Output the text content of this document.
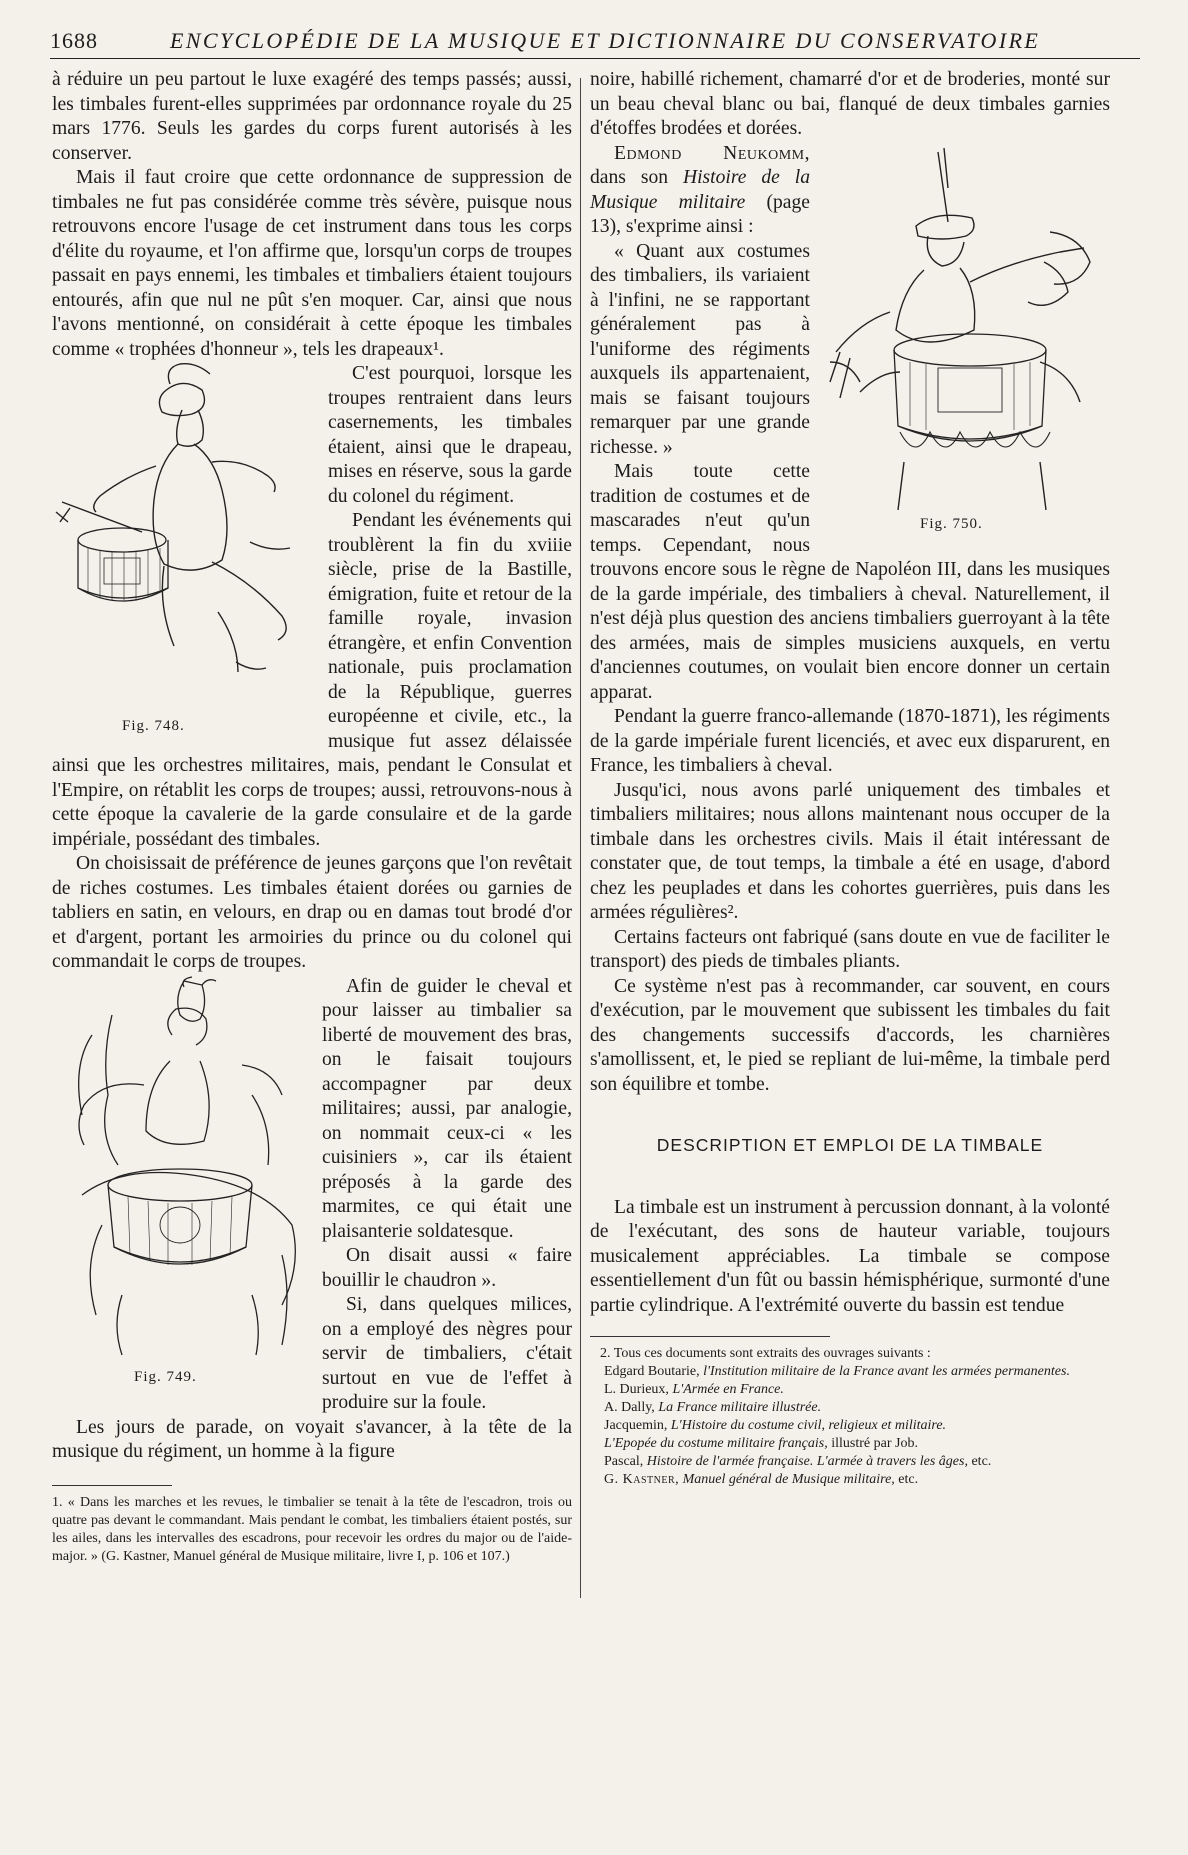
1688	ENCYCLOPÉDIE DE LA MUSIQUE ET DICTIONNAIRE DU CONSERVATOIRE

à réduire un peu partout le luxe exagéré des temps passés; aussi, les timbales furent-elles supprimées par ordonnance royale du 25 mars 1776. Seuls les gardes du corps furent autorisés à les conserver.

Mais il faut croire que cette ordonnance de suppression de timbales ne fut pas considérée comme très sévère, puisque nous retrouvons encore l'usage de cet instrument dans tous les corps d'élite du royaume, et l'on affirme que, lorsqu'un corps de troupes passait en pays ennemi, les timbales et timbaliers étaient toujours entourés, afin que nul ne pût s'en moquer. Car, ainsi que nous l'avons mentionné, on considérait à cette époque les timbales comme « trophées d'honneur », tels les drapeaux¹.

Fig. 748.

C'est pourquoi, lorsque les troupes rentraient dans leurs casernements, les timbales étaient, ainsi que le drapeau, mises en réserve, sous la garde du colonel du régiment.

Pendant les événements qui troublèrent la fin du xviiie siècle, prise de la Bastille, émigration, fuite et retour de la famille royale, invasion étrangère, et enfin Convention nationale, puis proclamation de la République, guerres européenne et civile, etc., la musique fut assez délaissée ainsi que les orchestres militaires, mais, pendant le Consulat et l'Empire, on rétablit les corps de troupes; aussi, retrouvons-nous à cette époque la cavalerie de la garde consulaire et de la garde impériale, possédant des timbales.

On choisissait de préférence de jeunes garçons que l'on revêtait de riches costumes. Les timbales étaient dorées ou garnies de tabliers en satin, en velours, en drap ou en damas tout brodé d'or et d'argent, portant les armoiries du prince ou du colonel qui commandait le corps de troupes.

Fig. 749.

Afin de guider le cheval et pour laisser au timbalier sa liberté de mouvement des bras, on le faisait toujours accompagner par deux militaires; aussi, par analogie, on nommait ceux-ci « les cuisiniers », car ils étaient préposés à la garde des marmites, ce qui était une plaisanterie soldatesque.

On disait aussi « faire bouillir le chaudron ».

Si, dans quelques milices, on a employé des nègres pour servir de timbaliers, c'était surtout en vue de l'effet à produire sur la foule.

Les jours de parade, on voyait s'avancer, à la tête de la musique du régiment, un homme à la figure

1. « Dans les marches et les revues, le timbalier se tenait à la tête de l'escadron, trois ou quatre pas devant le commandant. Mais pendant le combat, les timbaliers étaient postés, sur les ailes, dans les intervalles des escadrons, pour recevoir les ordres du major ou de l'aide-major. » (G. Kastner, Manuel général de Musique militaire, livre I, p. 106 et 107.)

noire, habillé richement, chamarré d'or et de broderies, monté sur un beau cheval blanc ou bai, flanqué de deux timbales garnies d'étoffes brodées et dorées.

Fig. 750.

Edmond Neukomm, dans son Histoire de la Musique militaire (page 13), s'exprime ainsi :

« Quant aux costumes des timbaliers, ils variaient à l'infini, ne se rapportant généralement pas à l'uniforme des régiments auxquels ils appartenaient, mais se faisant toujours remarquer par une grande richesse. »

Mais toute cette tradition de costumes et de mascarades n'eut qu'un temps. Cependant, nous trouvons encore sous le règne de Napoléon III, dans les musiques de la garde impériale, des timbaliers à cheval. Naturellement, il n'est déjà plus question des anciens timbaliers guerroyant à la tête des armées, mais de simples musiciens auxquels, en vertu d'anciennes coutumes, on voulait bien encore donner un certain apparat.

Pendant la guerre franco-allemande (1870-1871), les régiments de la garde impériale furent licenciés, et avec eux disparurent, en France, les timbaliers à cheval.

Jusqu'ici, nous avons parlé uniquement des timbales et timbaliers militaires; nous allons maintenant nous occuper de la timbale dans les orchestres civils. Mais il était intéressant de constater que, de tout temps, la timbale a été en usage, d'abord chez les peuplades et dans les cohortes guerrières, puis dans les armées régulières².

Certains facteurs ont fabriqué (sans doute en vue de faciliter le transport) des pieds de timbales pliants.

Ce système n'est pas à recommander, car souvent, en cours d'exécution, par le mouvement que subissent les timbales du fait des changements successifs d'accords, les charnières s'amollissent, et, le pied se repliant de lui-même, la timbale perd son équilibre et tombe.

DESCRIPTION ET EMPLOI DE LA TIMBALE

La timbale est un instrument à percussion donnant, à la volonté de l'exécutant, des sons de hauteur variable, toujours musicalement appréciables. La timbale se compose essentiellement d'un fût ou bassin hémisphérique, surmonté d'une partie cylindrique. A l'extrémité ouverte du bassin est tendue

2. Tous ces documents sont extraits des ouvrages suivants :

Edgard Boutarie, l'Institution militaire de la France avant les armées permanentes.

L. Durieux, L'Armée en France.

A. Dally, La France militaire illustrée.

Jacquemin, L'Histoire du costume civil, religieux et militaire.

L'Epopée du costume militaire français, illustré par Job.

Pascal, Histoire de l'armée française. L'armée à travers les âges, etc.

G. Kastner, Manuel général de Musique militaire, etc.
